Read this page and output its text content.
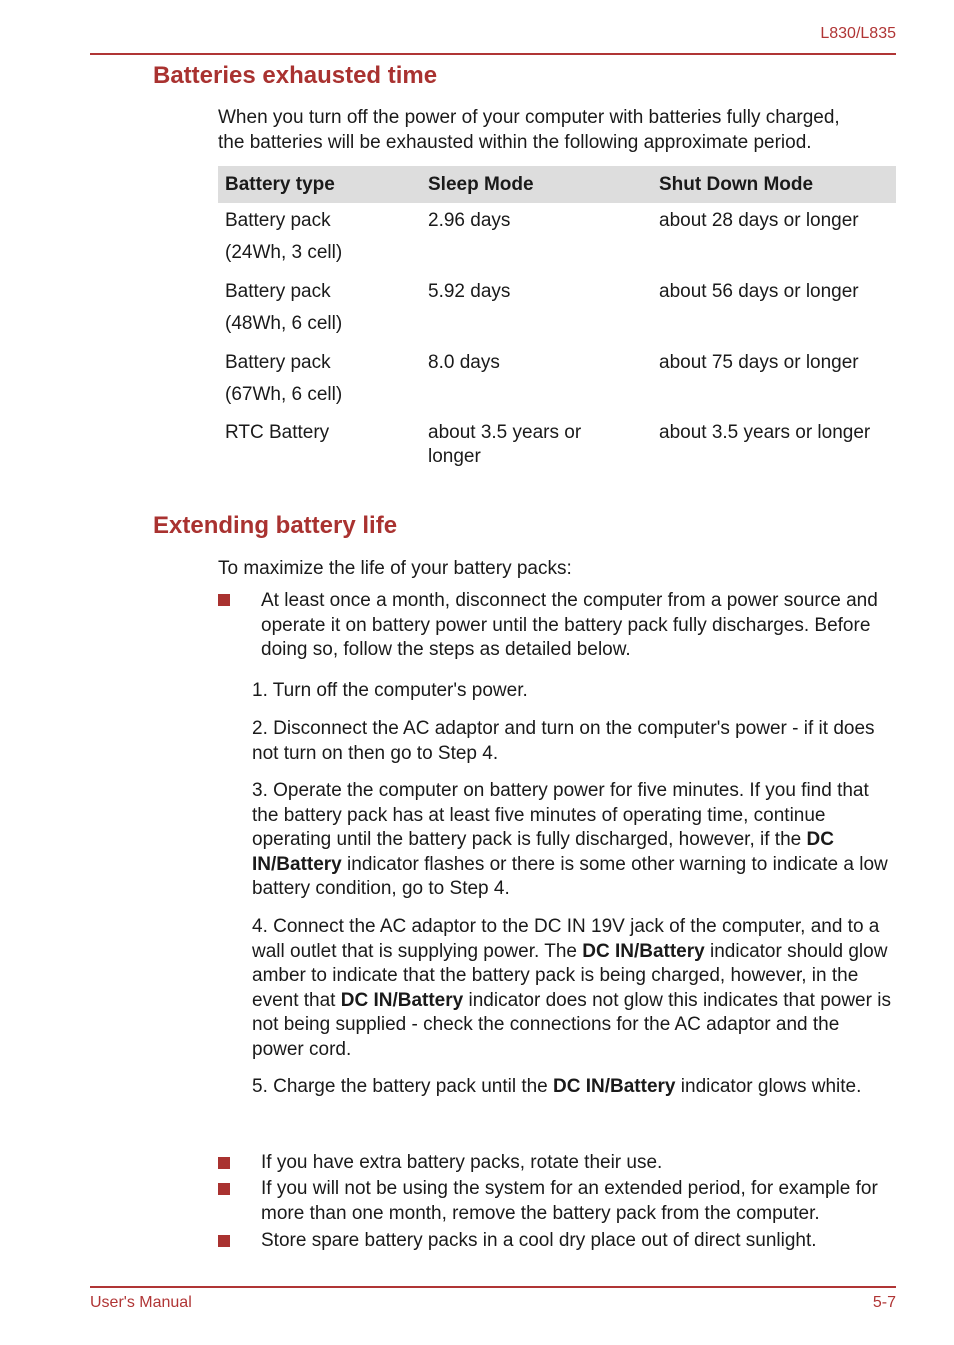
L830/L835
Batteries exhausted time

When you turn off the power of your computer with batteries fully charged,
the batteries will be exhausted within the following approximate period.

Battery type	Sleep Mode	Shut Down Mode
Battery pack
(24Wh, 3 cell)	2.96 days	about 28 days or longer
Battery pack
(48Wh, 6 cell)	5.92 days	about 56 days or longer
Battery pack
(67Wh, 6 cell)	8.0 days	about 75 days or longer
RTC Battery	about 3.5 years or longer	about 3.5 years or longer
Extending battery life

To maximize the life of your battery packs:

At least once a month, disconnect the computer from a power source and operate it on battery power until the battery pack fully discharges. Before doing so, follow the steps as detailed below.

1. Turn off the computer's power.

2. Disconnect the AC adaptor and turn on the computer's power - if it does not turn on then go to Step 4.

3. Operate the computer on battery power for five minutes. If you find that the battery pack has at least five minutes of operating time, continue operating until the battery pack is fully discharged, however, if the DC IN/Battery indicator flashes or there is some other warning to indicate a low battery condition, go to Step 4.

4. Connect the AC adaptor to the DC IN 19V jack of the computer, and to a wall outlet that is supplying power. The DC IN/Battery indicator should glow amber to indicate that the battery pack is being charged, however, in the event that DC IN/Battery indicator does not glow this indicates that power is not being supplied - check the connections for the AC adaptor and the power cord.

5. Charge the battery pack until the DC IN/Battery indicator glows white.

If you have extra battery packs, rotate their use.

If you will not be using the system for an extended period, for example for more than one month, remove the battery pack from the computer.

Store spare battery packs in a cool dry place out of direct sunlight.

User's Manual	5-7
